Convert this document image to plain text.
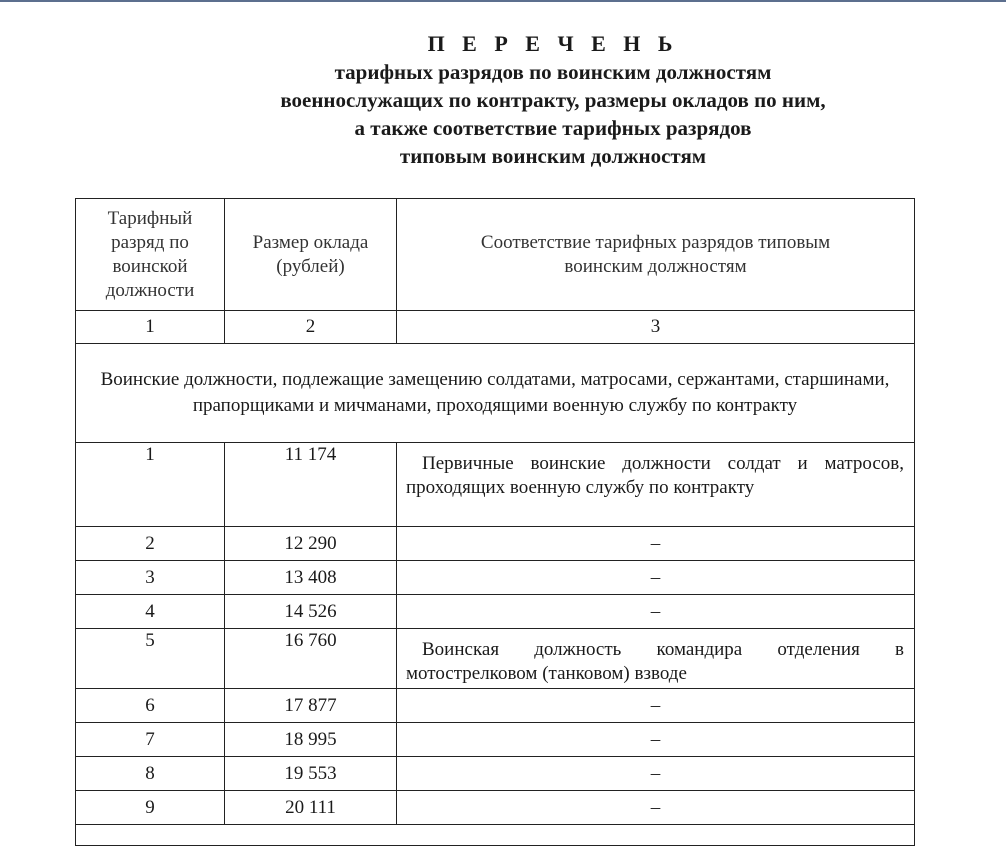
П Е Р Е Ч Е Н Ь
тарифных разрядов по воинским должностям
военнослужащих по контракту, размеры окладов по ним,
а также соответствие тарифных разрядов
типовым воинским должностям
Тарифный разряд по воинской должности	Размер оклада (рублей)	Соответствие тарифных разрядов типовым воинским должностям

1	2	3
Воинские должности, подлежащие замещению солдатами, матросами, сержантами, старшинами, прапорщиками и мичманами, проходящими военную службу по контракту		
1	11 174	Первичные воинские должности солдат и матросов, проходящих военную службу по контракту
2	12 290	–
3	13 408	–
4	14 526	–
5	16 760	Воинская должность командира отделения в мотострелковом (танковом) взводе
6	17 877	–
7	18 995	–
8	19 553	–
9	20 111	–
